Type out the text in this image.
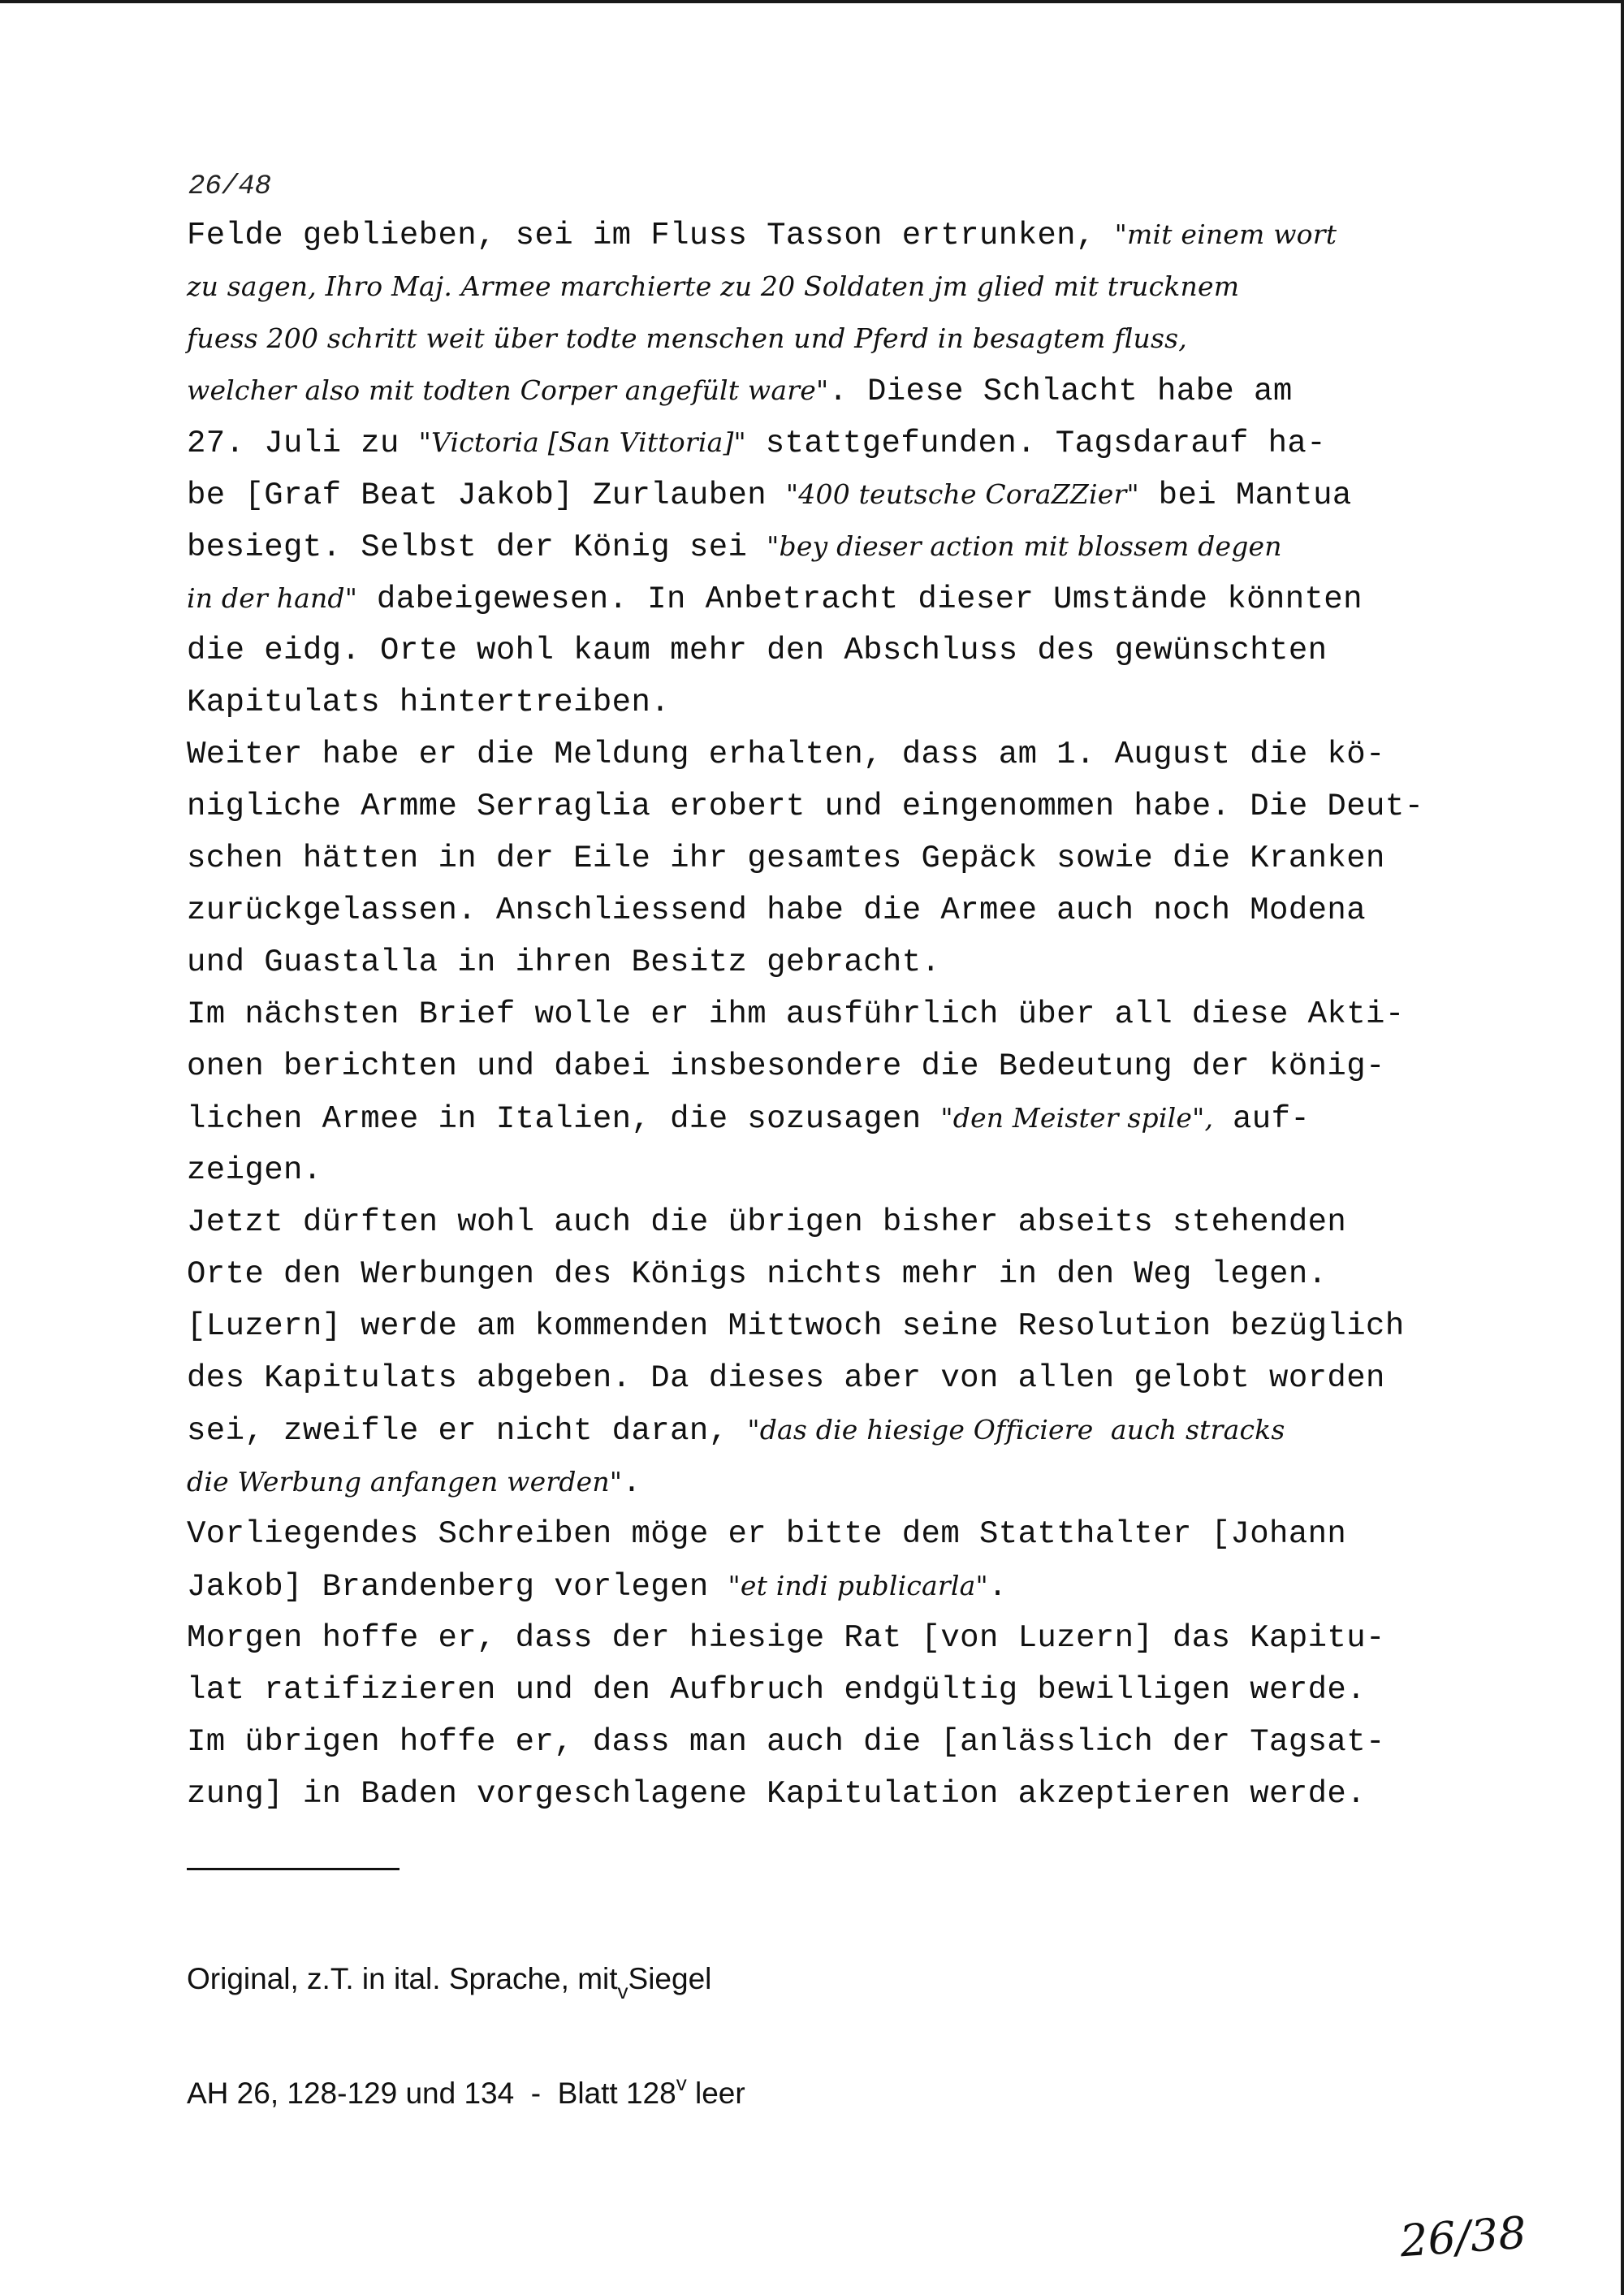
26/48
Felde geblieben, sei im Fluss Tasson ertrunken, "mit einem wort
zu sagen, Ihro Maj. Armee marchierte zu 20 Soldaten jm glied mit trucknem
fuess 200 schritt weit über todte menschen und Pferd in besagtem fluss,
welcher also mit todten Corper angefült ware". Diese Schlacht habe am
27. Juli zu "Victoria [San Vittoria]" stattgefunden. Tagsdarauf ha-
be [Graf Beat Jakob] Zurlauben "400 teutsche CoraZZier" bei Mantua
besiegt. Selbst der König sei "bey dieser action mit blossem degen
in der hand" dabeigewesen. In Anbetracht dieser Umstände könnten
die eidg. Orte wohl kaum mehr den Abschluss des gewünschten
Kapitulats hintertreiben.
Weiter habe er die Meldung erhalten, dass am 1. August die kö-
nigliche Armme Serraglia erobert und eingenommen habe. Die Deut-
schen hätten in der Eile ihr gesamtes Gepäck sowie die Kranken
zurückgelassen. Anschliessend habe die Armee auch noch Modena
und Guastalla in ihren Besitz gebracht.
Im nächsten Brief wolle er ihm ausführlich über all diese Akti-
onen berichten und dabei insbesondere die Bedeutung der könig-
lichen Armee in Italien, die sozusagen "den Meister spile", auf-
zeigen.
Jetzt dürften wohl auch die übrigen bisher abseits stehenden
Orte den Werbungen des Königs nichts mehr in den Weg legen.
[Luzern] werde am kommenden Mittwoch seine Resolution bezüglich
des Kapitulats abgeben. Da dieses aber von allen gelobt worden
sei, zweifle er nicht daran, "das die hiesige Officiere  auch stracks
die Werbung anfangen werden".
Vorliegendes Schreiben möge er bitte dem Statthalter [Johann
Jakob] Brandenberg vorlegen "et indi publicarla".
Morgen hoffe er, dass der hiesige Rat [von Luzern] das Kapitu-
lat ratifizieren und den Aufbruch endgültig bewilligen werde.
Im übrigen hoffe er, dass man auch die [anlässlich der Tagsat-
zung] in Baden vorgeschlagene Kapitulation akzeptieren werde.

Original, z.T. in ital. Sprache, mit$_v$Siegel

AH 26, 128-129 und 134  -  Blatt 128$^v$ leer

26/38
